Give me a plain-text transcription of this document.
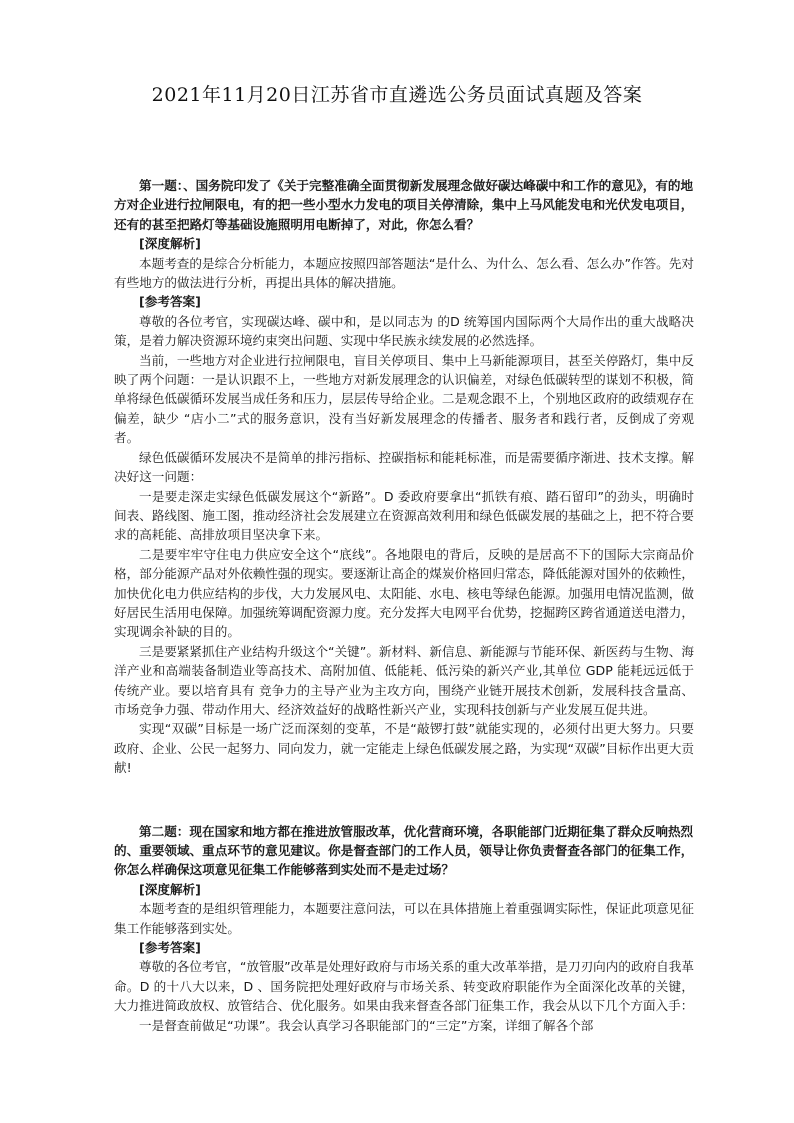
2021年11月20日江苏省市直遴选公务员面试真题及答案

第一题：、国务院印发了《关于完整准确全面贯彻新发展理念做好碳达峰碳中和工作的意见》，有的地方对企业进行拉闸限电，有的把一些小型水力发电的项目关停清除，集中上马风能发电和光伏发电项目，还有的甚至把路灯等基础设施照明用电断掉了，对此，你怎么看？

[深度解析]

本题考查的是综合分析能力，本题应按照四部答题法“是什么、为什么、怎么看、怎么办”作答。先对有些地方的做法进行分析，再提出具体的解决措施。

[参考答案]

尊敬的各位考官，实现碳达峰、碳中和，是以同志为 的D 统筹国内国际两个大局作出的重大战略决策，是着力解决资源环境约束突出问题、实现中华民族永续发展的必然选择。

当前，一些地方对企业进行拉闸限电，盲目关停项目、集中上马新能源项目，甚至关停路灯，集中反映了两个问题：一是认识跟不上，一些地方对新发展理念的认识偏差，对绿色低碳转型的谋划不积极，简单将绿色低碳循环发展当成任务和压力，层层传导给企业。二是观念跟不上，个别地区政府的政绩观存在偏差，缺少 “店小二”式的服务意识，没有当好新发展理念的传播者、服务者和践行者，反倒成了旁观者。

绿色低碳循环发展决不是简单的排污指标、控碳指标和能耗标准，而是需要循序渐进、技术支撑。解决好这一问题：

一是要走深走实绿色低碳发展这个“新路”。D 委政府要拿出“抓铁有痕、踏石留印”的劲头，明确时间表、路线图、施工图，推动经济社会发展建立在资源高效利用和绿色低碳发展的基础之上，把不符合要求的高耗能、高排放项目坚决拿下来。

二是要牢牢守住电力供应安全这个“底线”。各地限电的背后，反映的是居高不下的国际大宗商品价格，部分能源产品对外依赖性强的现实。要逐渐让高企的煤炭价格回归常态，降低能源对国外的依赖性，加快优化电力供应结构的步伐，大力发展风电、太阳能、水电、核电等绿色能源。加强用电情况监测，做好居民生活用电保障。加强统筹调配资源力度。充分发挥大电网平台优势，挖掘跨区跨省通道送电潜力，实现调余补缺的目的。

三是要紧紧抓住产业结构升级这个“关键”。新材料、新信息、新能源与节能环保、新医药与生物、海洋产业和高端装备制造业等高技术、高附加值、低能耗、低污染的新兴产业,其单位 GDP 能耗远远低于传统产业。要以培育具有 竞争力的主导产业为主攻方向，围绕产业链开展技术创新，发展科技含量高、市场竞争力强、带动作用大、经济效益好的战略性新兴产业，实现科技创新与产业发展互促共进。

实现“双碳”目标是一场广泛而深刻的变革，不是“敲锣打鼓”就能实现的，必须付出更大努力。只要政府、企业、公民一起努力、同向发力，就一定能走上绿色低碳发展之路，为实现“双碳”目标作出更大贡献!

第二题：现在国家和地方都在推进放管服改革，优化营商环境，各职能部门近期征集了群众反响热烈的、重要领域、重点环节的意见建议。你是督查部门的工作人员，领导让你负责督查各部门的征集工作，你怎么样确保这项意见征集工作能够落到实处而不是走过场？

[深度解析]

本题考查的是组织管理能力，本题要注意问法，可以在具体措施上着重强调实际性，保证此项意见征集工作能够落到实处。

[参考答案]

尊敬的各位考官，“放管服”改革是处理好政府与市场关系的重大改革举措，是刀刃向内的政府自我革命。D 的十八大以来，D 、国务院把处理好政府与市场关系、转变政府职能作为全面深化改革的关键，大力推进简政放权、放管结合、优化服务。如果由我来督查各部门征集工作，我会从以下几个方面入手：

一是督查前做足“功课”。我会认真学习各职能部门的“三定”方案，详细了解各个部
